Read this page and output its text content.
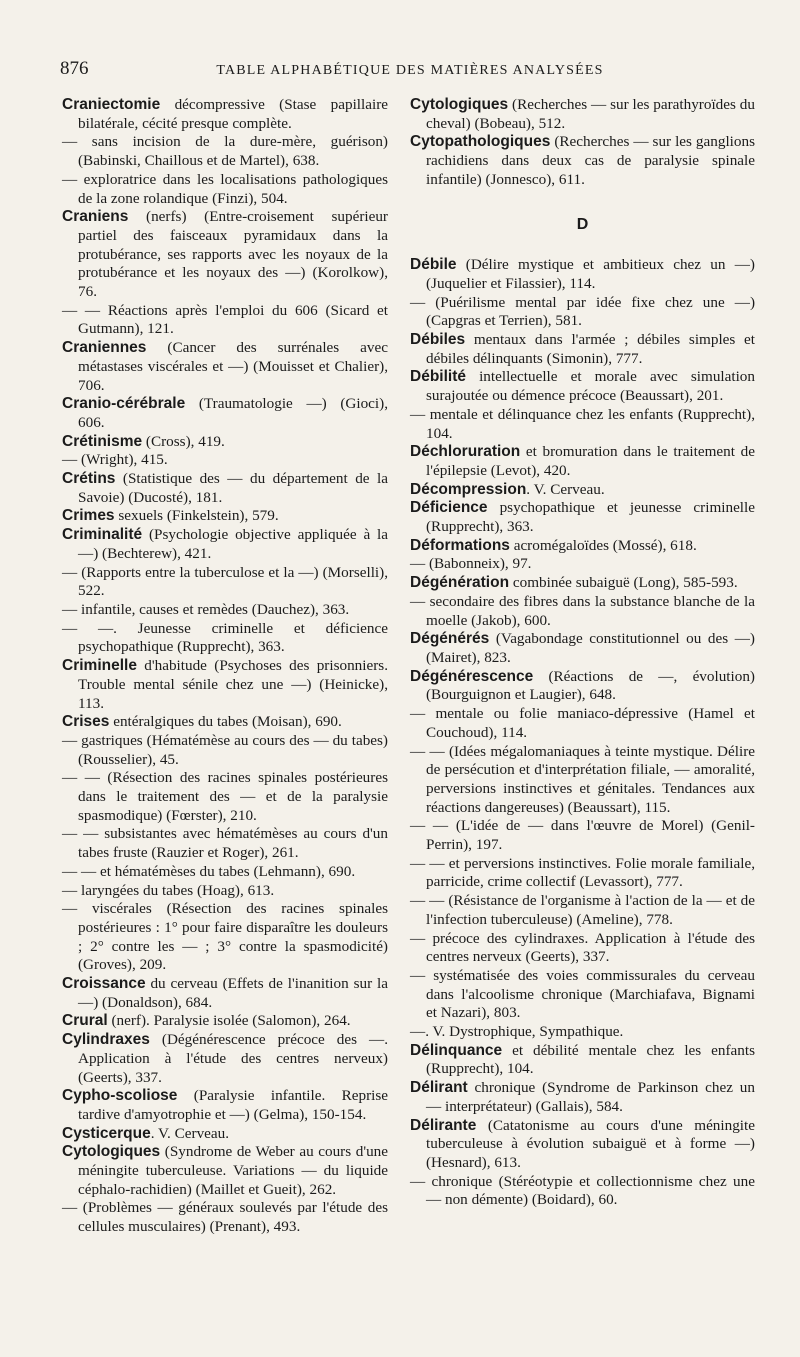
876	TABLE ALPHABÉTIQUE DES MATIÈRES ANALYSÉES

Craniectomie décompressive (Stase papillaire bilatérale, cécité presque complète.

— sans incision de la dure-mère, guérison) (Babinski, Chaillous et de Martel), 638.

— exploratrice dans les localisations pathologiques de la zone rolandique (Finzi), 504.

Craniens (nerfs) (Entre-croisement supérieur partiel des faisceaux pyramidaux dans la protubérance, ses rapports avec les noyaux de la protubérance et les noyaux des —) (Korolkow), 76.

— — Réactions après l'emploi du 606 (Sicard et Gutmann), 121.

Craniennes (Cancer des surrénales avec métastases viscérales et —) (Mouisset et Chalier), 706.

Cranio-cérébrale (Traumatologie —) (Gioci), 606.

Crétinisme (Cross), 419.

— (Wright), 415.

Crétins (Statistique des — du département de la Savoie) (Ducosté), 181.

Crimes sexuels (Finkelstein), 579.

Criminalité (Psychologie objective appliquée à la —) (Bechterew), 421.

— (Rapports entre la tuberculose et la —) (Morselli), 522.

— infantile, causes et remèdes (Dauchez), 363.

— —. Jeunesse criminelle et déficience psychopathique (Rupprecht), 363.

Criminelle d'habitude (Psychoses des prisonniers. Trouble mental sénile chez une —) (Heinicke), 113.

Crises entéralgiques du tabes (Moisan), 690.

— gastriques (Hématémèse au cours des — du tabes) (Rousselier), 45.

— — (Résection des racines spinales postérieures dans le traitement des — et de la paralysie spasmodique) (Fœrster), 210.

— — subsistantes avec hématémèses au cours d'un tabes fruste (Rauzier et Roger), 261.

— — et hématémèses du tabes (Lehmann), 690.

— laryngées du tabes (Hoag), 613.

— viscérales (Résection des racines spinales postérieures : 1° pour faire disparaître les douleurs ; 2° contre les — ; 3° contre la spasmodicité) (Groves), 209.

Croissance du cerveau (Effets de l'inanition sur la —) (Donaldson), 684.

Crural (nerf). Paralysie isolée (Salomon), 264.

Cylindraxes (Dégénérescence précoce des —. Application à l'étude des centres nerveux) (Geerts), 337.

Cypho-scoliose (Paralysie infantile. Reprise tardive d'amyotrophie et —) (Gelma), 150-154.

Cysticerque. V. Cerveau.

Cytologiques (Syndrome de Weber au cours d'une méningite tuberculeuse. Variations — du liquide céphalo-rachidien) (Maillet et Gueit), 262.

— (Problèmes — généraux soulevés par l'étude des cellules musculaires) (Prenant), 493.

Cytologiques (Recherches — sur les parathyroïdes du cheval) (Bobeau), 512.

Cytopathologiques (Recherches — sur les ganglions rachidiens dans deux cas de paralysie spinale infantile) (Jonnesco), 611.

D

Débile (Délire mystique et ambitieux chez un —) (Juquelier et Filassier), 114.

— (Puérilisme mental par idée fixe chez une —) (Capgras et Terrien), 581.

Débiles mentaux dans l'armée ; débiles simples et débiles délinquants (Simonin), 777.

Débilité intellectuelle et morale avec simulation surajoutée ou démence précoce (Beaussart), 201.

— mentale et délinquance chez les enfants (Rupprecht), 104.

Déchloruration et bromuration dans le traitement de l'épilepsie (Levot), 420.

Décompression. V. Cerveau.

Déficience psychopathique et jeunesse criminelle (Rupprecht), 363.

Déformations acromégaloïdes (Mossé), 618.

— (Babonneix), 97.

Dégénération combinée subaiguë (Long), 585-593.

— secondaire des fibres dans la substance blanche de la moelle (Jakob), 600.

Dégénérés (Vagabondage constitutionnel ou des —) (Mairet), 823.

Dégénérescence (Réactions de —, évolution) (Bourguignon et Laugier), 648.

— mentale ou folie maniaco-dépressive (Hamel et Couchoud), 114.

— — (Idées mégalomaniaques à teinte mystique. Délire de persécution et d'interprétation filiale, — amoralité, perversions instinctives et génitales. Tendances aux réactions dangereuses) (Beaussart), 115.

— — (L'idée de — dans l'œuvre de Morel) (Genil-Perrin), 197.

— — et perversions instinctives. Folie morale familiale, parricide, crime collectif (Levassort), 777.

— — (Résistance de l'organisme à l'action de la — et de l'infection tuberculeuse) (Ameline), 778.

— précoce des cylindraxes. Application à l'étude des centres nerveux (Geerts), 337.

— systématisée des voies commissurales du cerveau dans l'alcoolisme chronique (Marchiafava, Bignami et Nazari), 803.

—. V. Dystrophique, Sympathique.

Délinquance et débilité mentale chez les enfants (Rupprecht), 104.

Délirant chronique (Syndrome de Parkinson chez un — interprétateur) (Gallais), 584.

Délirante (Catatonisme au cours d'une méningite tuberculeuse à évolution subaiguë et à forme —) (Hesnard), 613.

— chronique (Stéréotypie et collectionnisme chez une — non démente) (Boidard), 60.
